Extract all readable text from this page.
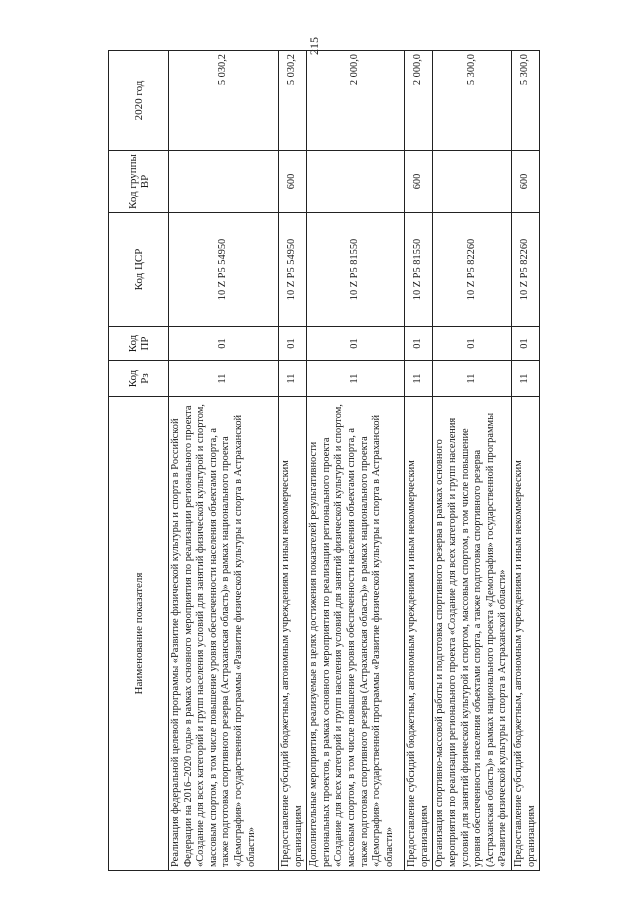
215
Наименование показателя	Код Рз	Код ПР	Код ЦСР	Код группы ВР	2020 год
Реализация федеральной целевой программы «Развитие физической культуры и спорта в Российской Федерации на 2016–2020 годы» в рамках основного мероприятия по реализации регионального проекта «Создание для всех категорий и групп населения условий для занятий физической культурой и спортом, массовым спортом, в том числе повышение уровня обеспеченности населения объектами спорта, а также подготовка спортивного резерва (Астраханская область)» в рамках национального проекта «Демография» государственной программы «Развитие физической культуры и спорта в Астраханской области»	11	01	10 Z P5 54950		5 030,2
Предоставление субсидий бюджетным, автономным учреждениям и иным некоммерческим организациям	11	01	10 Z P5 54950	600	5 030,2
Дополнительные мероприятия, реализуемые в целях достижения показателей результативности региональных проектов, в рамках основного мероприятия по реализации регионального проекта «Создание для всех категорий и групп населения условий для занятий физической культурой и спортом, массовым спортом, в том числе повышение уровня обеспеченности населения объектами спорта, а также подготовка спортивного резерва (Астраханская область)» в рамках национального проекта «Демография» государственной программы «Развитие физической культуры и спорта в Астраханской области»	11	01	10 Z P5 81550		2 000,0
Предоставление субсидий бюджетным, автономным учреждениям и иным некоммерческим организациям	11	01	10 Z P5 81550	600	2 000,0
Организация спортивно-массовой работы и подготовка спортивного резерва в рамках основного мероприятия по реализации регионального проекта «Создание для всех категорий и групп населения условий для занятий физической культурой и спортом, массовым спортом, в том числе повышение уровня обеспеченности населения объектами спорта, а также подготовка спортивного резерва (Астраханская область)» в рамках национального проекта «Демография» государственной программы «Развитие физической культуры и спорта в Астраханской области»	11	01	10 Z P5 82260		5 300,0
Предоставление субсидий бюджетным, автономным учреждениям и иным некоммерческим организациям	11	01	10 Z P5 82260	600	5 300,0
